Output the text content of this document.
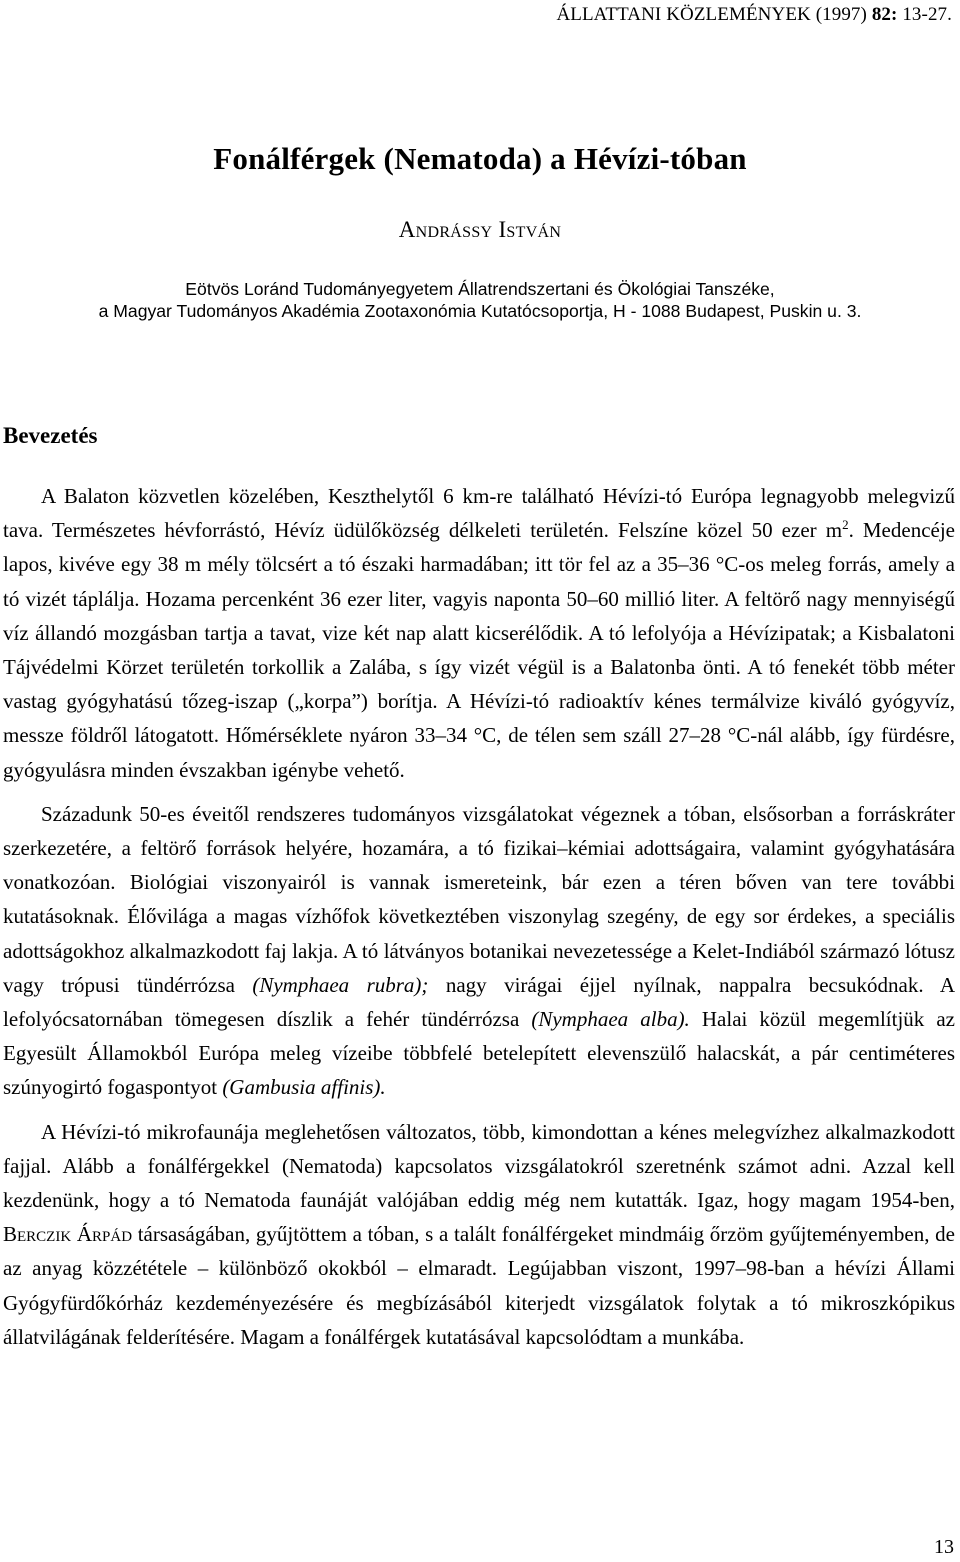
ÁLLATTANI KÖZLEMÉNYEK (1997) 82: 13-27.
Fonálférgek (Nematoda) a Hévízi-tóban
Andrássy István
Eötvös Loránd Tudományegyetem Állatrendszertani és Ökológiai Tanszéke,
a Magyar Tudományos Akadémia Zootaxonómia Kutatócsoportja, H - 1088 Budapest, Puskin u. 3.
Bevezetés

A Balaton közvetlen közelében, Keszthelytől 6 km-re található Hévízi-tó Európa legnagyobb melegvizű tava. Természetes hévforrástó, Hévíz üdülőközség délkeleti területén. Felszíne közel 50 ezer $m^2$. Medencéje lapos, kivéve egy 38 m mély tölcsért a tó északi harmadában; itt tör fel az a 35–36 °C-os meleg forrás, amely a tó vizét táplálja. Hozama percenként 36 ezer liter, vagyis naponta 50–60 millió liter. A feltörő nagy mennyiségű víz állandó mozgásban tartja a tavat, vize két nap alatt kicserélődik. A tó lefolyója a Hévízipatak; a Kisbalatoni Tájvédelmi Körzet területén torkollik a Zalába, s így vizét végül is a Balatonba önti. A tó fenekét több méter vastag gyógyhatású tőzeg-iszap („korpa”) borítja. A Hévízi-tó radioaktív kénes termálvize kiváló gyógyvíz, messze földről látogatott. Hőmérséklete nyáron 33–34 °C, de télen sem száll 27–28 °C-nál alább, így fürdésre, gyógyulásra minden évszakban igénybe vehető.

Századunk 50-es éveitől rendszeres tudományos vizsgálatokat végeznek a tóban, elsősorban a forráskráter szerkezetére, a feltörő források helyére, hozamára, a tó fizikai–kémiai adottságaira, valamint gyógyhatására vonatkozóan. Biológiai viszonyairól is vannak ismereteink, bár ezen a téren bőven van tere további kutatásoknak. Élővilága a magas vízhőfok következtében viszonylag szegény, de egy sor érdekes, a speciális adottságokhoz alkalmazkodott faj lakja. A tó látványos botanikai nevezetessége a Kelet-Indiából származó lótusz vagy trópusi tündérrózsa (Nymphaea rubra); nagy virágai éjjel nyílnak, nappalra becsukódnak. A lefolyócsatornában tömegesen díszlik a fehér tündérrózsa (Nymphaea alba). Halai közül megemlítjük az Egyesült Államokból Európa meleg vízeibe többfelé betelepített elevenszülő halacskát, a pár centiméteres szúnyogirtó fogaspontyot (Gambusia affinis).

A Hévízi-tó mikrofaunája meglehetősen változatos, több, kimondottan a kénes melegvízhez alkalmazkodott fajjal. Alább a fonálférgekkel (Nematoda) kapcsolatos vizsgálatokról szeretnénk számot adni. Azzal kell kezdenünk, hogy a tó Nematoda faunáját valójában eddig még nem kutatták. Igaz, hogy magam 1954-ben, Berczik Árpád társaságában, gyűjtöttem a tóban, s a talált fonálférgeket mindmáig őrzöm gyűjteményemben, de az anyag közzététele – különböző okokból – elmaradt. Legújabban viszont, 1997–98-ban a hévízi Állami Gyógyfürdőkórház kezdeményezésére és megbízásából kiterjedt vizsgálatok folytak a tó mikroszkópikus állatvilágának felderítésére. Magam a fonálférgek kutatásával kapcsolódtam a munkába.

13
